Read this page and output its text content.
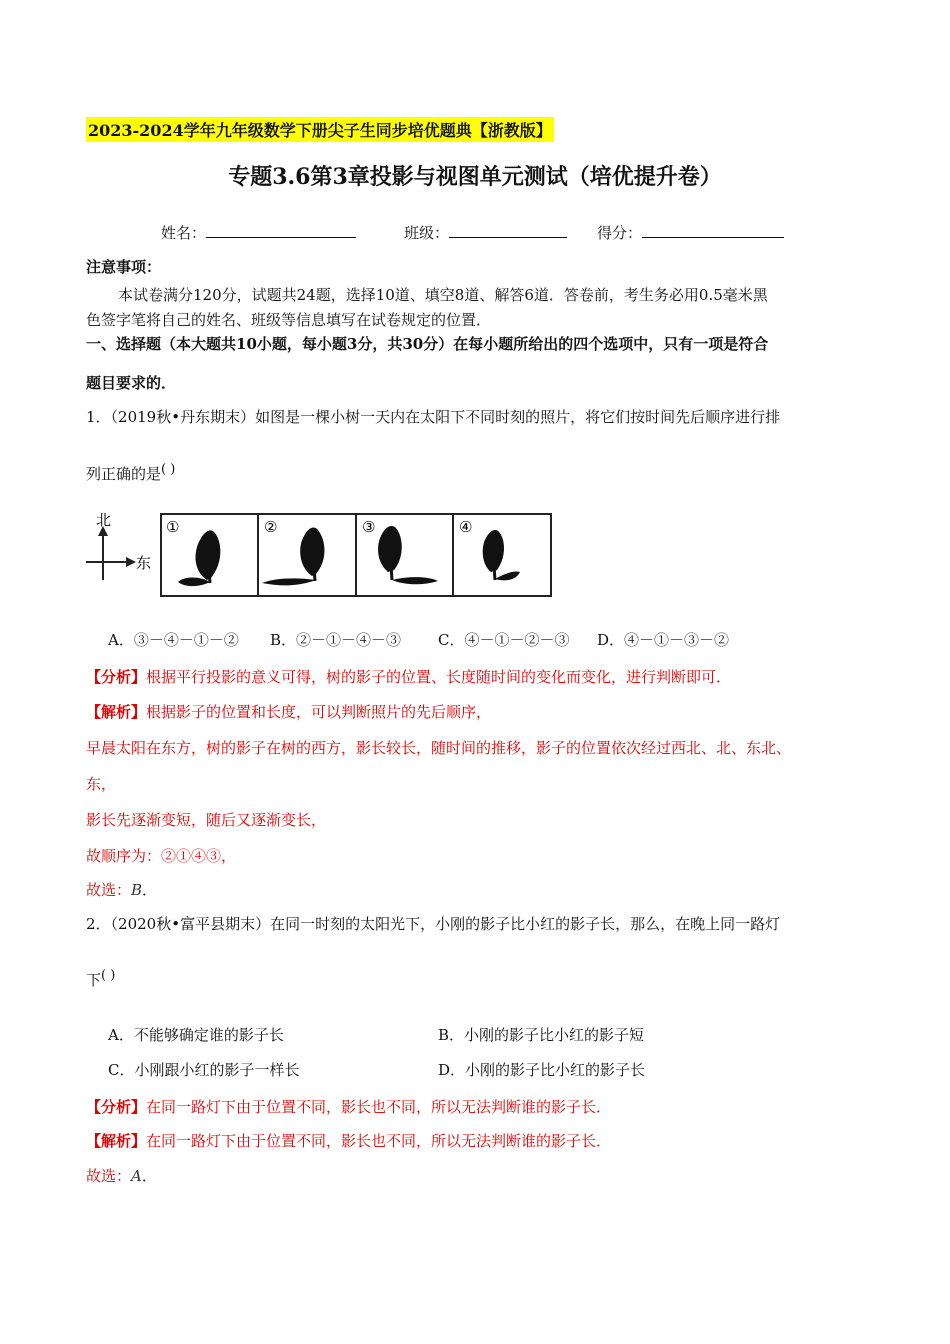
2023-2024学年九年级数学下册尖子生同步培优题典【浙教版】
专题3.6第3章投影与视图单元测试（培优提升卷）
姓名：	班级：	得分：
注意事项：
本试卷满分120分，试题共24题，选择10道、填空8道、解答6道．答卷前，考生务必用0.5毫米黑
色签字笔将自己的姓名、班级等信息填写在试卷规定的位置．
一、选择题（本大题共10小题，每小题3分，共30分）在每小题所给出的四个选项中，只有一项是符合
题目要求的．
1．（2019秋•丹东期末）如图是一棵小树一天内在太阳下不同时刻的照片，将它们按时间先后顺序进行排
列正确的是( )
北
东
①	②	③	④
A．③－④－①－② B．②－①－④－③ C．④－①－②－③ D．④－①－③－②
【分析】根据平行投影的意义可得，树的影子的位置、长度随时间的变化而变化，进行判断即可．
【解析】根据影子的位置和长度，可以判断照片的先后顺序，
早晨太阳在东方，树的影子在树的西方，影长较长，随时间的推移，影子的位置依次经过西北、北、东北、
东，
影长先逐渐变短，随后又逐渐变长，
故顺序为：②①④③，
故选：B．
2．（2020秋•富平县期末）在同一时刻的太阳光下，小刚的影子比小红的影子长，那么，在晚上同一路灯
下( )
A．不能够确定谁的影子长	B．小刚的影子比小红的影子短
C．小刚跟小红的影子一样长	D．小刚的影子比小红的影子长
【分析】在同一路灯下由于位置不同，影长也不同，所以无法判断谁的影子长．
【解析】在同一路灯下由于位置不同，影长也不同，所以无法判断谁的影子长．
故选：A．
